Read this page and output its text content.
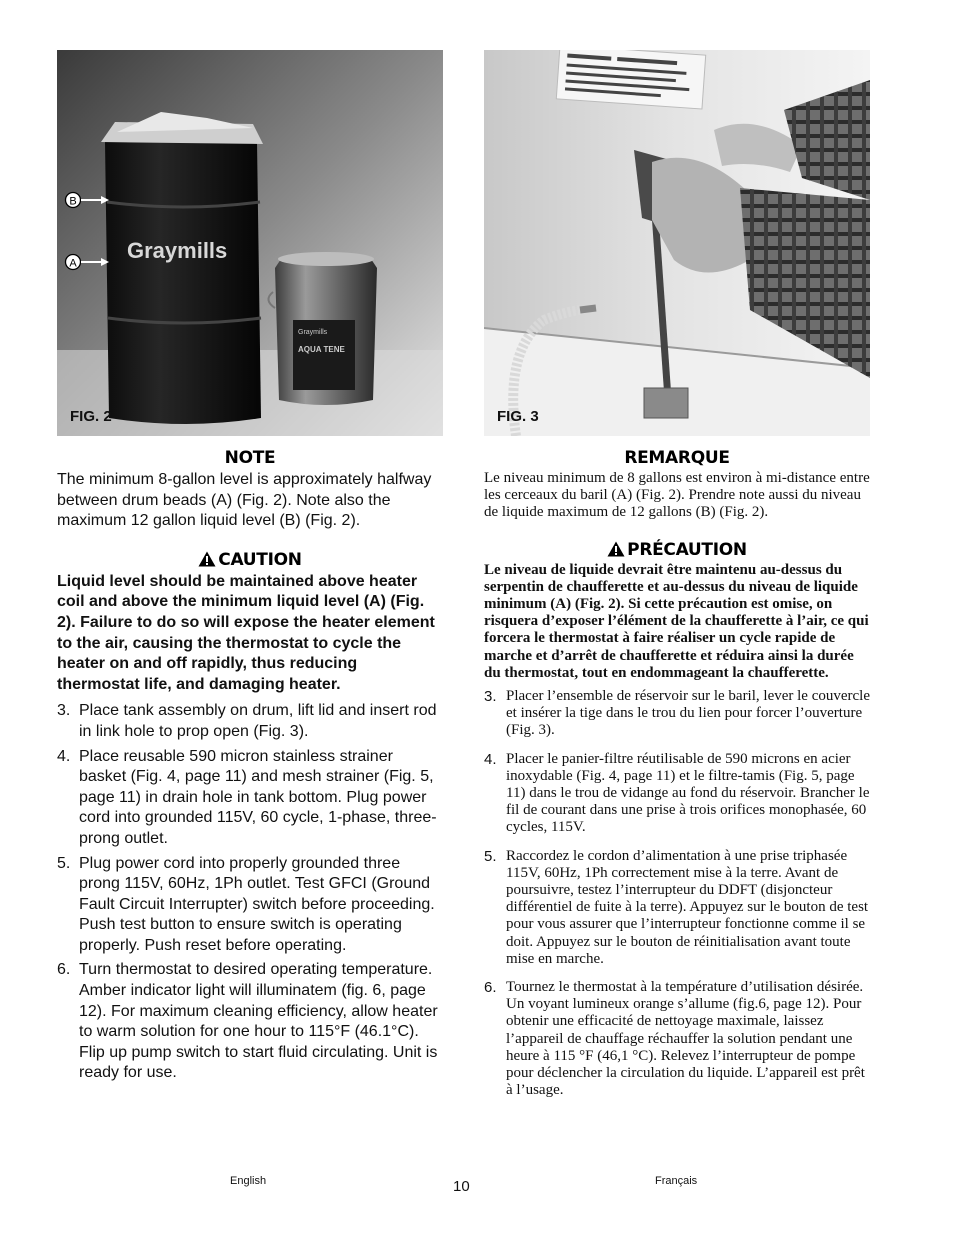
Graymills
Graymills
AQUA TENE
B
A
FIG. 2
NOTE

The minimum 8-gallon level is approximately halfway between drum beads (A) (Fig. 2). Note also the maximum 12 gallon liquid level (B) (Fig. 2).

CAUTION

Liquid level should be maintained above heater coil and above the minimum liquid level (A) (Fig. 2). Failure to do so will expose the heater element to the air, causing the thermostat to cycle the heater on and off rapidly, thus reducing thermostat life, and damaging heater.

3. Place tank assembly on drum, lift lid and insert rod in link hole to prop open (Fig. 3).
4. Place reusable 590 micron stainless strainer basket (Fig. 4, page 11) and mesh strainer (Fig. 5, page 11) in drain hole in tank bottom. Plug power cord into grounded 115V, 60 cycle, 1-phase, three-prong outlet.
5. Plug power cord into properly grounded three prong 115V, 60Hz, 1Ph outlet. Test GFCI (Ground Fault Circuit Interrupter) switch before proceeding. Push test button to ensure switch is operating properly. Push reset before operating.
6. Turn thermostat to desired operating temperature. Amber indicator light will illuminatem (fig. 6, page 12). For maximum cleaning efficiency, allow heater to warm solution for one hour to 115°F (46.1°C). Flip up pump switch to start fluid circulating. Unit is ready for use.
FIG. 3
REMARQUE

Le niveau minimum de 8 gallons est environ à mi-distance entre les cerceaux du baril (A) (Fig. 2). Prendre note aussi du niveau de liquide maximum de 12 gallons (B) (Fig. 2).

PRÉCAUTION

Le niveau de liquide devrait être maintenu au-dessus du serpentin de chaufferette et au-dessus du niveau de liquide minimum (A) (Fig. 2). Si cette précaution est omise, on risquera d’exposer l’élément de la chaufferette à l’air, ce qui forcera le thermostat à faire réaliser un cycle rapide de marche et d’arrêt de chaufferette et réduira ainsi la durée du thermostat, tout en endommageant la chaufferette.

3. Placer l’ensemble de réservoir sur le baril, lever le couvercle et insérer la tige dans le trou du lien pour forcer l’ouverture (Fig. 3).
4. Placer le panier-filtre réutilisable de 590 microns en acier inoxydable (Fig. 4, page 11) et le filtre-tamis (Fig. 5, page 11) dans le trou de vidange au fond du réservoir. Brancher le fil de courant dans une prise à trois orifices monophasée, 60 cycles, 115V.
5. Raccordez le cordon d’alimentation à une prise triphasée 115V, 60Hz, 1Ph correctement mise à la terre. Avant de poursuivre, testez l’interrupteur du DDFT (disjoncteur différentiel de fuite à la terre). Appuyez sur le bouton de test pour vous assurer que l’interrupteur fonctionne comme il se doit. Appuyez sur le bouton de réinitialisation avant toute mise en marche.
6. Tournez le thermostat à la température d’utilisation désirée. Un voyant lumineux orange s’allume (fig.6, page 12). Pour obtenir une efficacité de nettoyage maximale, laissez l’appareil de chauffage réchauffer la solution pendant une heure à 115 °F (46,1 °C). Relevez l’interrupteur de pompe pour déclencher la circulation du liquide. L’appareil est prêt à l’usage.
English	10	Français
